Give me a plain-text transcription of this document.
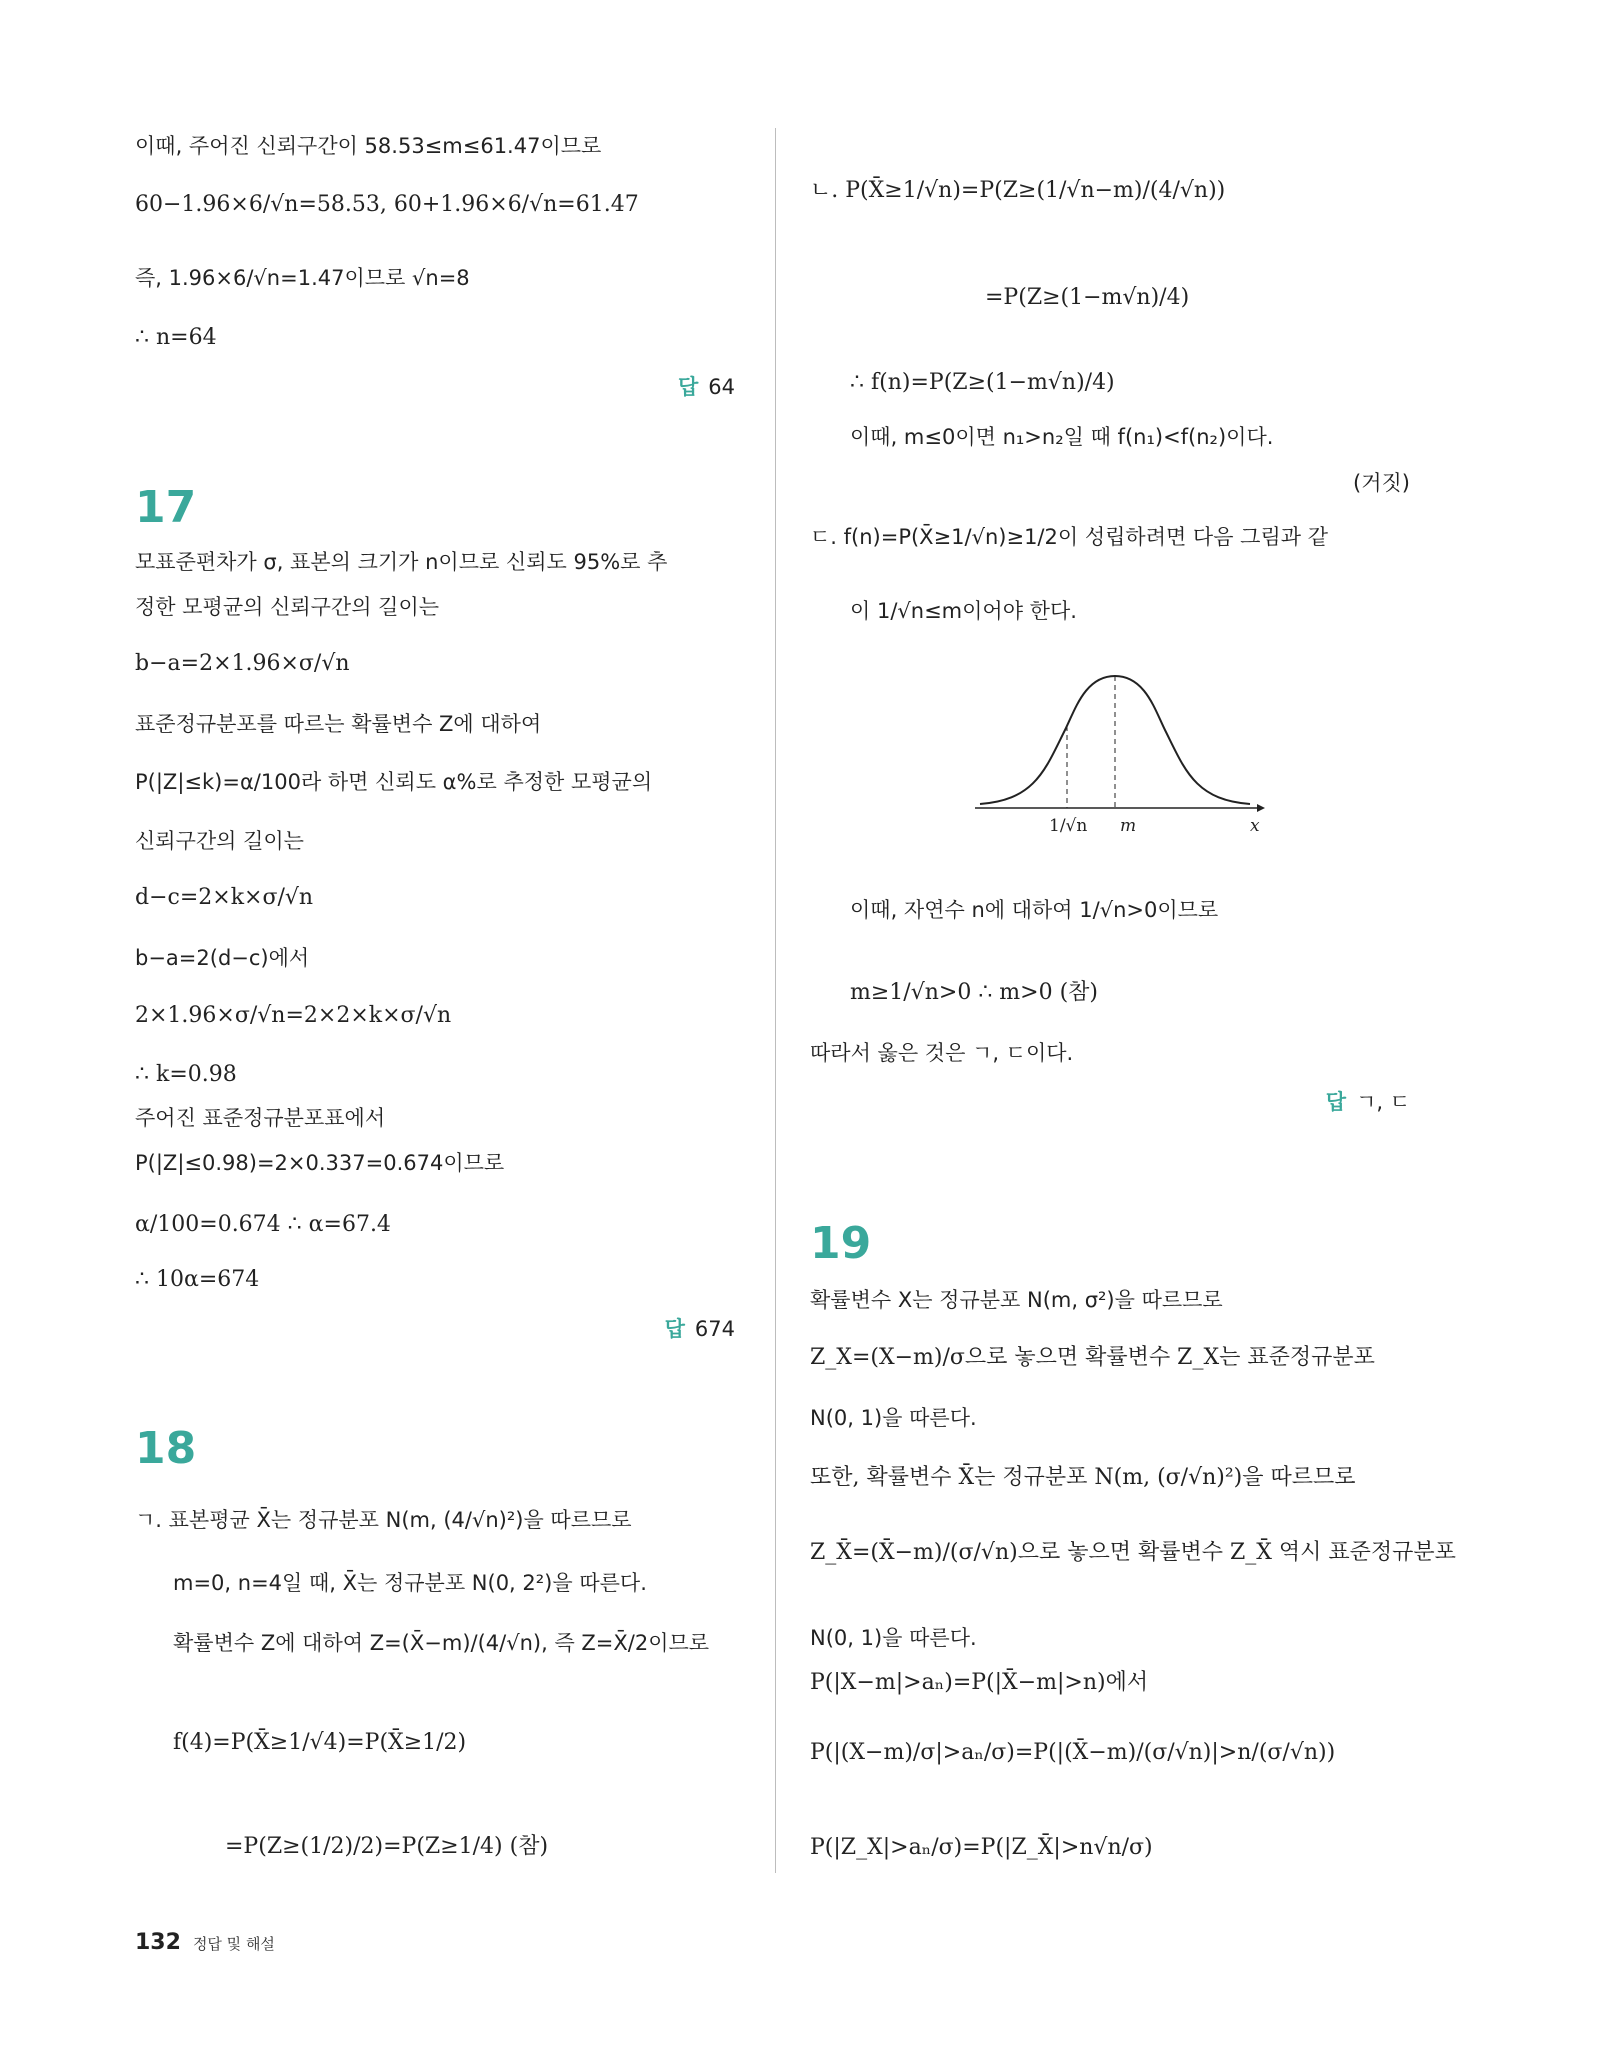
이때, 주어진 신뢰구간이 58.53≤m≤61.47이므로
60−1.96×6/√n=58.53, 60+1.96×6/√n=61.47
즉, 1.96×6/√n=1.47이므로 √n=8
∴ n=64
답 64
17
모표준편차가 σ, 표본의 크기가 n이므로 신뢰도 95%로 추
정한 모평균의 신뢰구간의 길이는
b−a=2×1.96×σ/√n
표준정규분포를 따르는 확률변수 Z에 대하여
P(|Z|≤k)=α/100라 하면 신뢰도 α%로 추정한 모평균의
신뢰구간의 길이는
d−c=2×k×σ/√n
b−a=2(d−c)에서
2×1.96×σ/√n=2×2×k×σ/√n
∴ k=0.98
주어진 표준정규분포표에서
P(|Z|≤0.98)=2×0.337=0.674이므로
α/100=0.674 ∴ α=67.4
∴ 10α=674
답 674
18
ㄱ. 표본평균 X̄는 정규분포 N(m, (4/√n)²)을 따르므로
m=0, n=4일 때, X̄는 정규분포 N(0, 2²)을 따른다.
확률변수 Z에 대하여 Z=(X̄−m)/(4/√n), 즉 Z=X̄/2이므로
f(4)=P(X̄≥1/√4)=P(X̄≥1/2)
=P(Z≥(1/2)/2)=P(Z≥1/4) (참)
ㄴ. P(X̄≥1/√n)=P(Z≥(1/√n−m)/(4/√n))
=P(Z≥(1−m√n)/4)
∴ f(n)=P(Z≥(1−m√n)/4)
이때, m≤0이면 n₁>n₂일 때 f(n₁)<f(n₂)이다.
(거짓)
ㄷ. f(n)=P(X̄≥1/√n)≥1/2이 성립하려면 다음 그림과 같
이 1/√n≤m이어야 한다.
1/√n m	x
이때, 자연수 n에 대하여 1/√n>0이므로
m≥1/√n>0 ∴ m>0 (참)
따라서 옳은 것은 ㄱ, ㄷ이다.
답 ㄱ, ㄷ
19
확률변수 X는 정규분포 N(m, σ²)을 따르므로
Z_X=(X−m)/σ으로 놓으면 확률변수 Z_X는 표준정규분포
N(0, 1)을 따른다.
또한, 확률변수 X̄는 정규분포 N(m, (σ/√n)²)을 따르므로
Z_X̄=(X̄−m)/(σ/√n)으로 놓으면 확률변수 Z_X̄ 역시 표준정규분포
N(0, 1)을 따른다.
P(|X−m|>aₙ)=P(|X̄−m|>n)에서
P(|(X−m)/σ|>aₙ/σ)=P(|(X̄−m)/(σ/√n)|>n/(σ/√n))
P(|Z_X|>aₙ/σ)=P(|Z_X̄|>n√n/σ)
132 정답 및 해설
